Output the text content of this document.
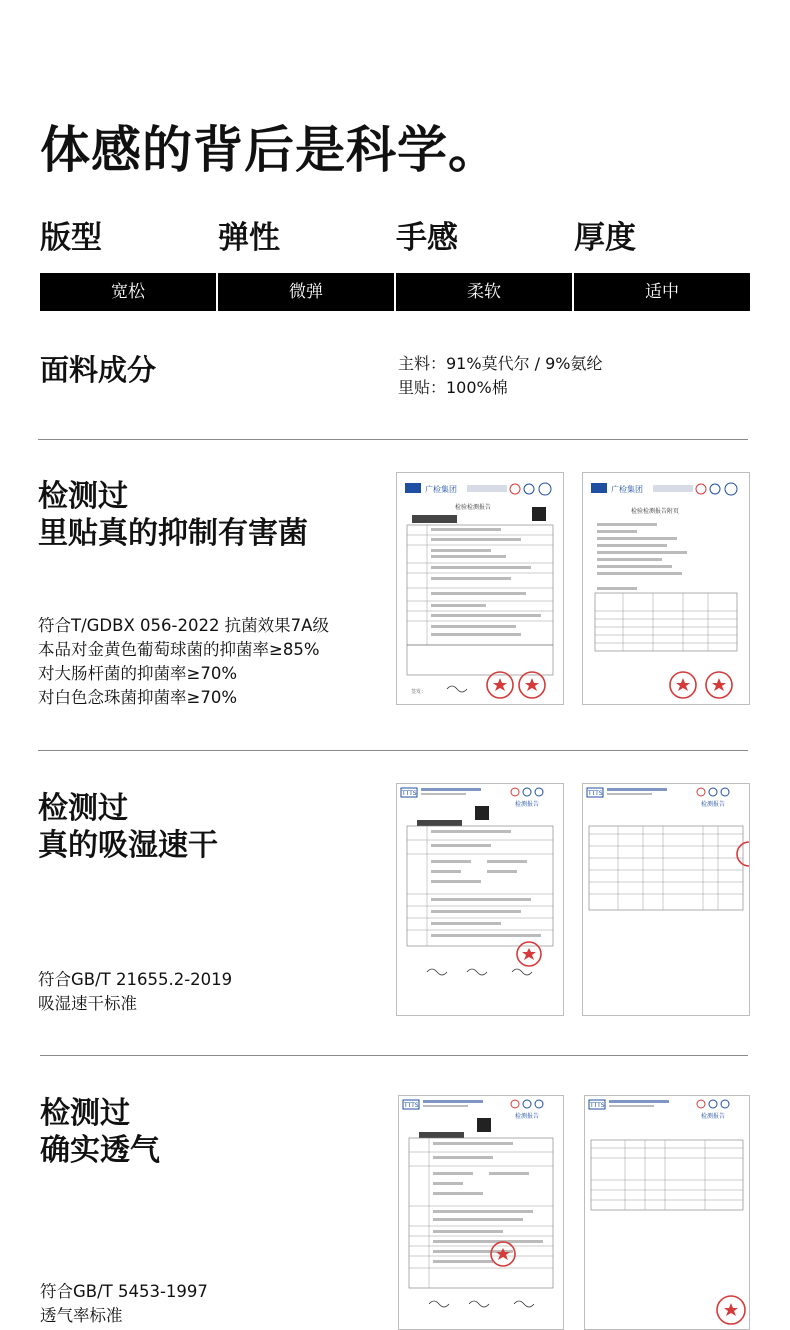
体感的背后是科学。
版型	弹性	手感	厚度
宽松	微弹	柔软	适中
面料成分	主料：91%莫代尔 / 9%氨纶
里贴：100%棉
检测过
里贴真的抑制有害菌
符合T/GDBX 056-2022 抗菌效果7A级
本品对金黄色葡萄球菌的抑菌率≥85%
对大肠杆菌的抑菌率≥70%
对白色念珠菌抑菌率≥70%
广检集团
检验检测报告
签发：
广检集团
检验检测报告附页
检测过
真的吸湿速干
符合GB/T 21655.2-2019
吸湿速干标准
TTTS
检测报告
TTTS
检测报告
检测过
确实透气
符合GB/T 5453-1997
透气率标准
TTTS
检测报告
TTTS
检测报告
